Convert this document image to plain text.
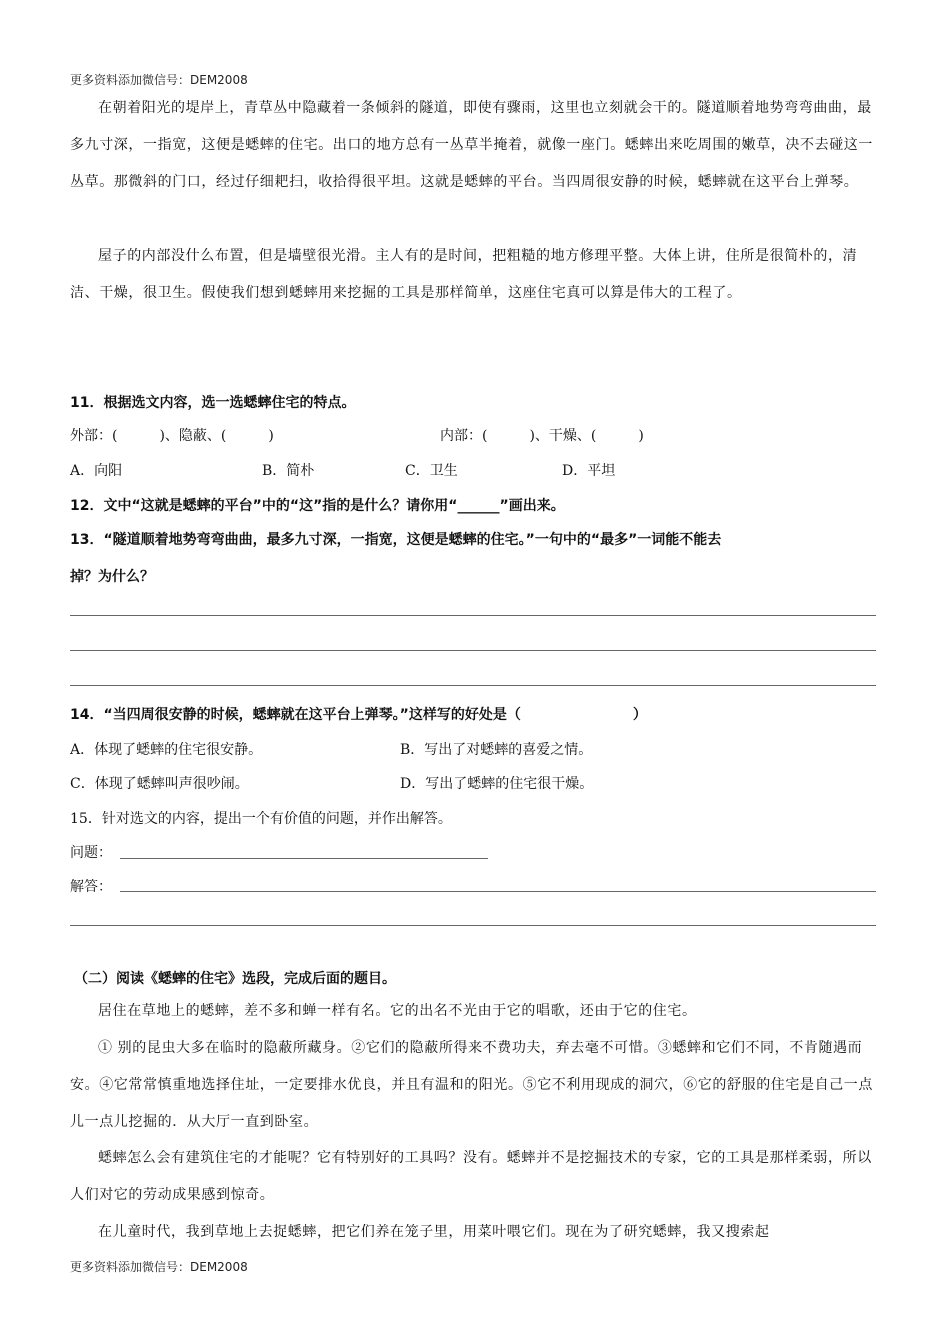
更多资料添加微信号：DEM2008

在朝着阳光的堤岸上，青草丛中隐藏着一条倾斜的隧道，即使有骤雨，这里也立刻就会干的。隧道顺着地势弯弯曲曲，最多九寸深，一指宽，这便是蟋蟀的住宅。出口的地方总有一丛草半掩着，就像一座门。蟋蟀出来吃周围的嫩草，决不去碰这一丛草。那微斜的门口，经过仔细耙扫，收拾得很平坦。这就是蟋蟀的平台。当四周很安静的时候，蟋蟀就在这平台上弹琴。

屋子的内部没什么布置，但是墙壁很光滑。主人有的是时间，把粗糙的地方修理平整。大体上讲，住所是很简朴的，清洁、干燥，很卫生。假使我们想到蟋蟀用来挖掘的工具是那样简单，这座住宅真可以算是伟大的工程了。

11．根据选文内容，选一选蟋蟀住宅的特点。
外部：(　　　)、隐蔽、(　　　)	内部：(　　　)、干燥、(　　　)
A．向阳	B．简朴	C．卫生	D．平坦
12．文中“这就是蟋蟀的平台”中的“这”指的是什么？请你用“______”画出来。
13．“隧道顺着地势弯弯曲曲，最多九寸深，一指宽，这便是蟋蟀的住宅。”一句中的“最多”一词能不能去
掉？为什么？
14．“当四周很安静的时候，蟋蟀就在这平台上弹琴。”这样写的好处是（　　　　　　　　）
A．体现了蟋蟀的住宅很安静。	B．写出了对蟋蟀的喜爱之情。
C．体现了蟋蟀叫声很吵闹。	D．写出了蟋蟀的住宅很干燥。
15．针对选文的内容，提出一个有价值的问题，并作出解答。
问题：
解答：
（二）阅读《蟋蟀的住宅》选段，完成后面的题目。

居住在草地上的蟋蟀，差不多和蝉一样有名。它的出名不光由于它的唱歌，还由于它的住宅。

① 别的昆虫大多在临时的隐蔽所藏身。②它们的隐蔽所得来不费功夫，弃去毫不可惜。③蟋蟀和它们不同，不肯随遇而安。④它常常慎重地选择住址，一定要排水优良，并且有温和的阳光。⑤它不利用现成的洞穴，⑥它的舒服的住宅是自己一点儿一点儿挖掘的．从大厅一直到卧室。

蟋蟀怎么会有建筑住宅的才能呢？它有特别好的工具吗？没有。蟋蟀并不是挖掘技术的专家，它的工具是那样柔弱，所以人们对它的劳动成果感到惊奇。

在儿童时代，我到草地上去捉蟋蟀，把它们养在笼子里，用菜叶喂它们。现在为了研究蟋蟀，我又搜索起

更多资料添加微信号：DEM2008
